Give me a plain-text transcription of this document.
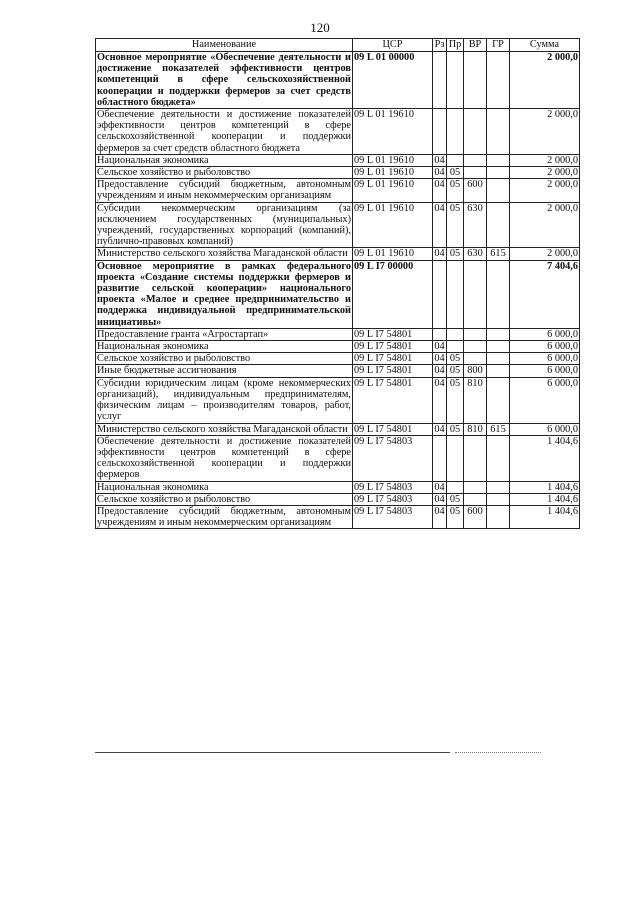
120
Наименование	ЦСР	Рз	Пр	ВР	ГР	Сумма
Основное мероприятие «Обеспечение деятельности и достижение показателей эффективности центров компетенций в сфере сельскохозяйственной кооперации и поддержки фермеров за счет средств областного бюджета»	09 L 01 00000					2 000,0
Обеспечение деятельности и достижение показателей эффективности центров компетенций в сфере сельскохозяйственной кооперации и поддержки фермеров за счет средств областного бюджета	09 L 01 19610					2 000,0
Национальная экономика	09 L 01 19610	04				2 000,0
Сельское хозяйство и рыболовство	09 L 01 19610	04	05			2 000,0
Предоставление субсидий бюджетным, автономным учреждениям и иным некоммерческим организациям	09 L 01 19610	04	05	600		2 000,0
Субсидии некоммерческим организациям (за исключением государственных (муниципальных) учреждений, государственных корпораций (компаний), публично-правовых компаний)	09 L 01 19610	04	05	630		2 000,0
Министерство сельского хозяйства Магаданской области	09 L 01 19610	04	05	630	615	2 000,0
Основное мероприятие в рамках федерального проекта «Создание системы поддержки фермеров и развитие сельской кооперации» национального проекта «Малое и среднее предпринимательство и поддержка индивидуальной предпринимательской инициативы»	09 L I7 00000					7 404,6
Предоставление гранта «Агростартап»	09 L I7 54801					6 000,0
Национальная экономика	09 L I7 54801	04				6 000,0
Сельское хозяйство и рыболовство	09 L I7 54801	04	05			6 000,0
Иные бюджетные ассигнования	09 L I7 54801	04	05	800		6 000,0
Субсидии юридическим лицам (кроме некоммерческих организаций), индивидуальным предпринимателям, физическим лицам – производителям товаров, работ, услуг	09 L I7 54801	04	05	810		6 000,0
Министерство сельского хозяйства Магаданской области	09 L I7 54801	04	05	810	615	6 000,0
Обеспечение деятельности и достижение показателей эффективности центров компетенций в сфере сельскохозяйственной кооперации и поддержки фермеров	09 L I7 54803					1 404,6
Национальная экономика	09 L I7 54803	04				1 404,6
Сельское хозяйство и рыболовство	09 L I7 54803	04	05			1 404,6
Предоставление субсидий бюджетным, автономным учреждениям и иным некоммерческим организациям	09 L I7 54803	04	05	600		1 404,6
